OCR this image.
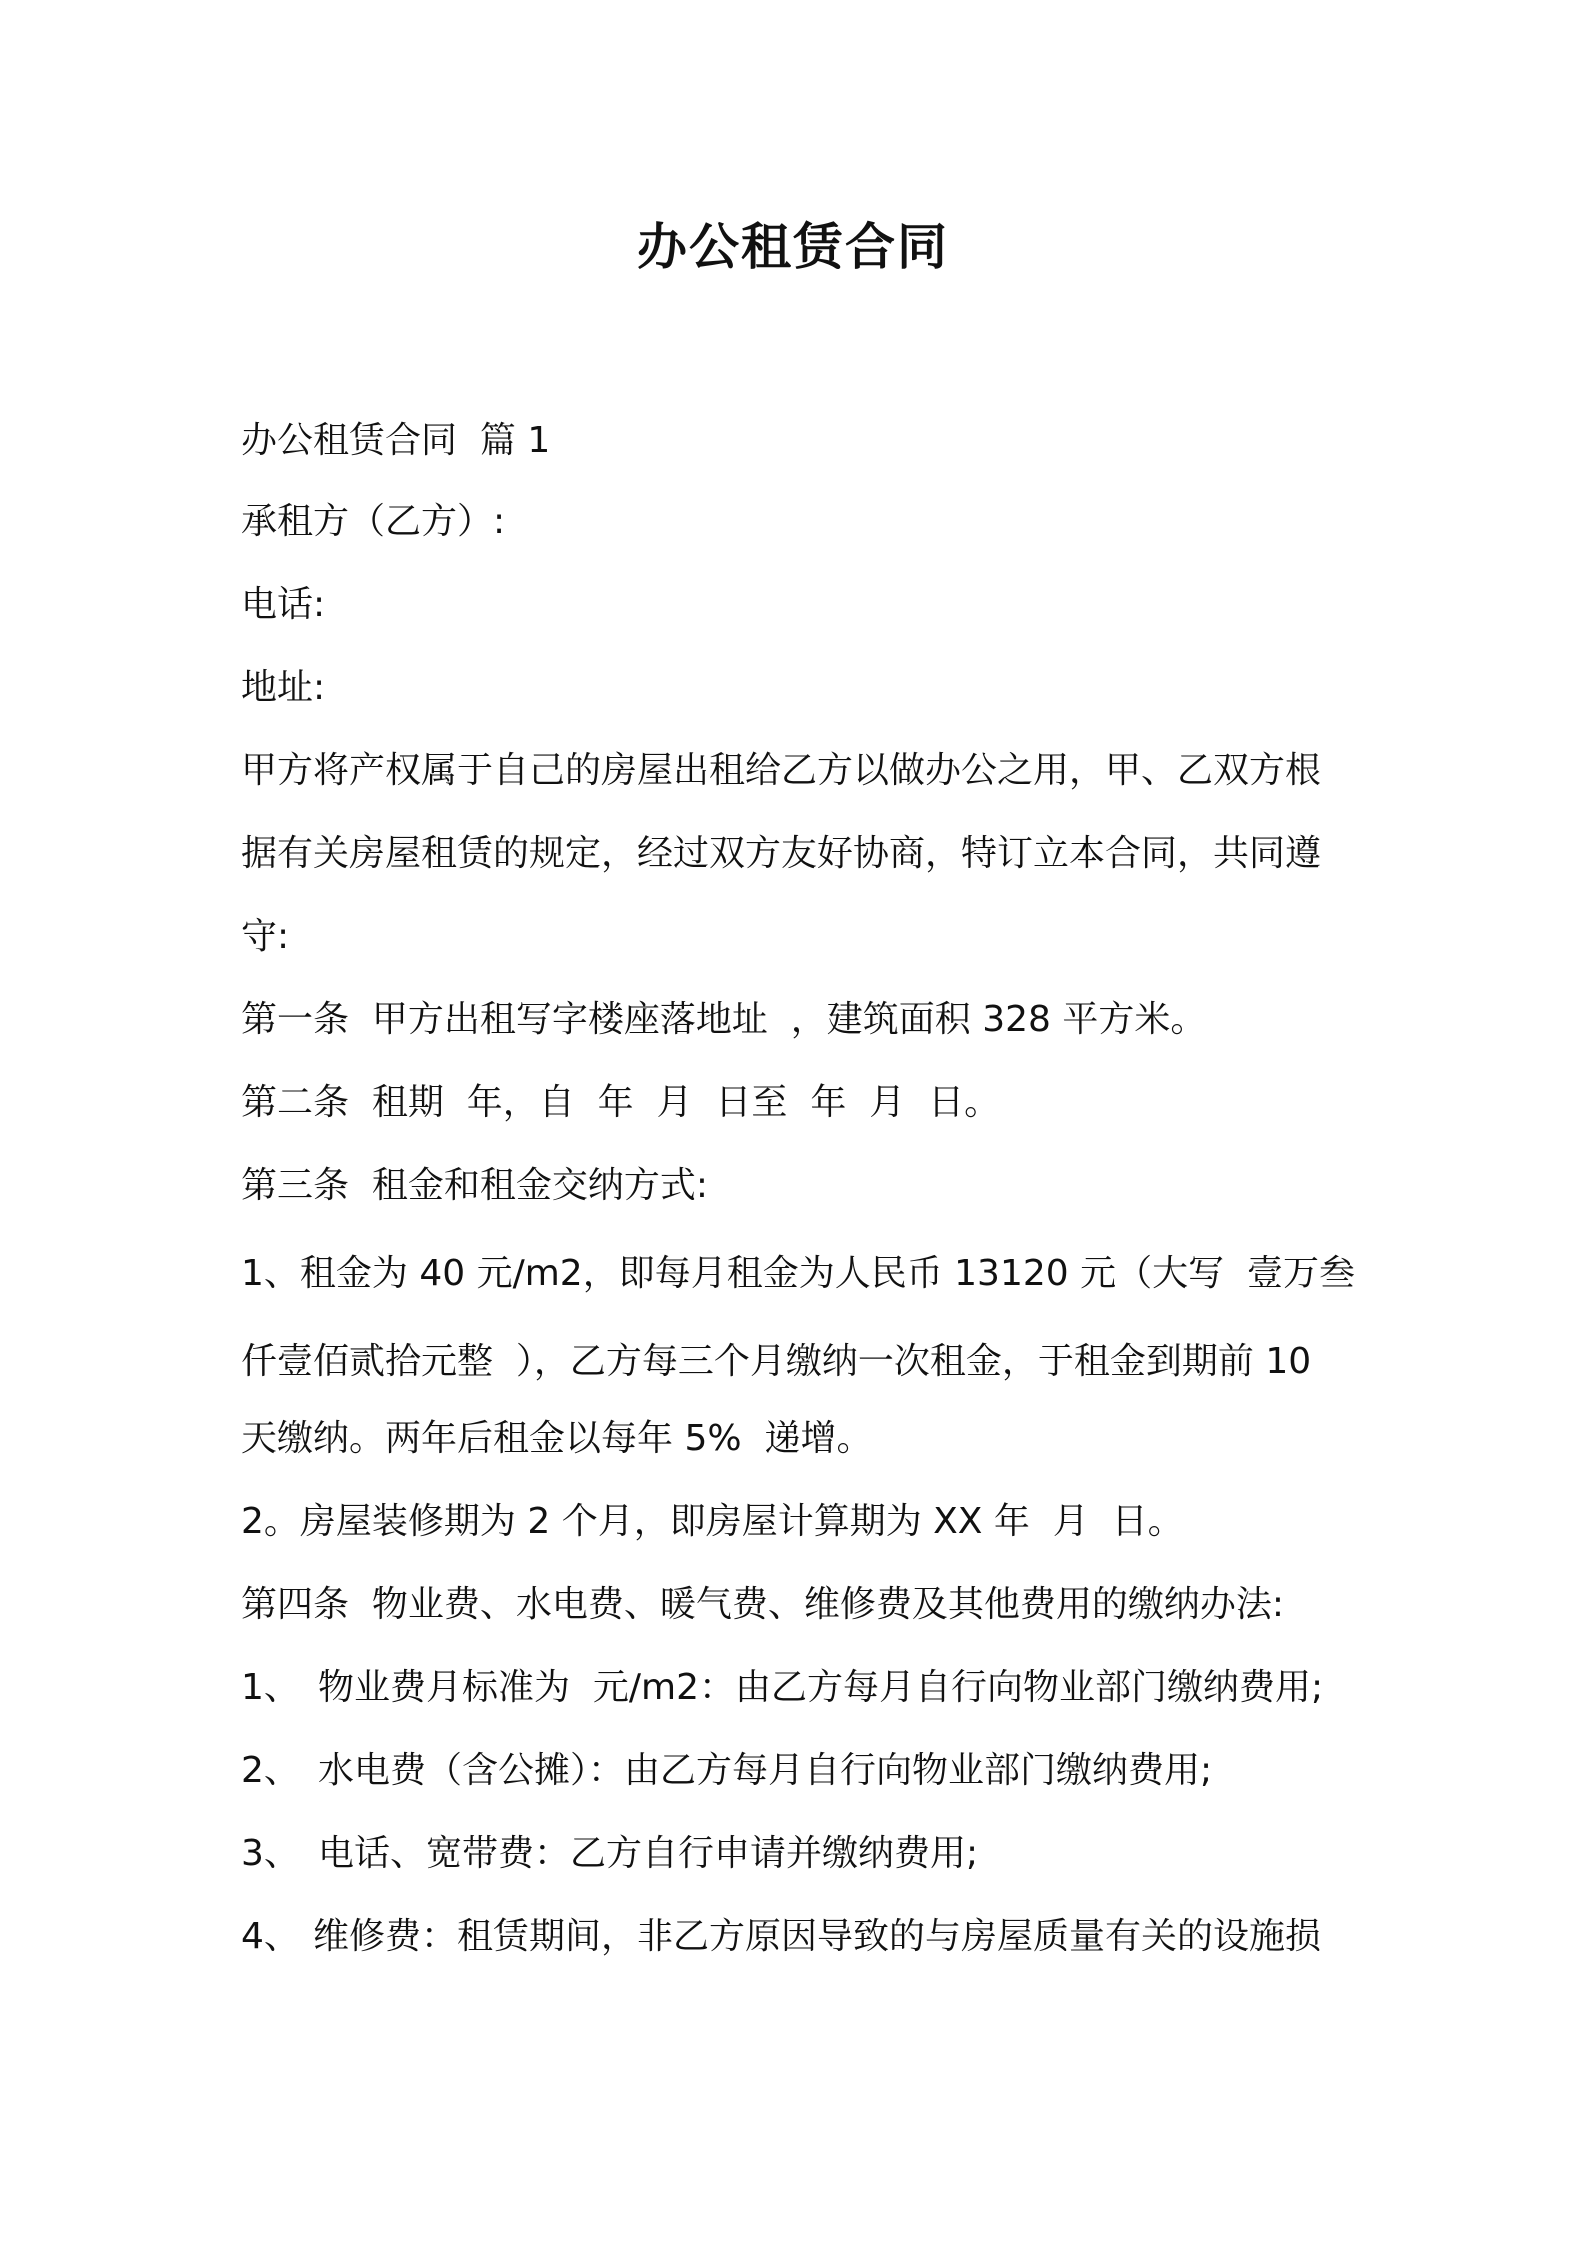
办公租赁合同
办公租赁合同  篇 1
承租方（乙方）:
电话:
地址:
甲方将产权属于自己的房屋出租给乙方以做办公之用，甲、乙双方根
据有关房屋租赁的规定，经过双方友好协商，特订立本合同，共同遵
守:
第一条  甲方出租写字楼座落地址  ，建筑面积 328 平方米。
第二条  租期  年，自  年  月  日至  年  月  日。
第三条  租金和租金交纳方式:
1、租金为 40 元/m2，即每月租金为人民币 13120 元（大写  壹万叁
仟壹佰贰拾元整  ），乙方每三个月缴纳一次租金，于租金到期前 10
天缴纳。两年后租金以每年 5%  递增。
2。房屋装修期为 2 个月，即房屋计算期为 XX 年  月  日。
第四条  物业费、水电费、暖气费、维修费及其他费用的缴纳办法:
1、 物业费月标准为  元/m2：由乙方每月自行向物业部门缴纳费用;
2、 水电费（含公摊）：由乙方每月自行向物业部门缴纳费用;
3、 电话、宽带费：乙方自行申请并缴纳费用;
4、 维修费：租赁期间，非乙方原因导致的与房屋质量有关的设施损
